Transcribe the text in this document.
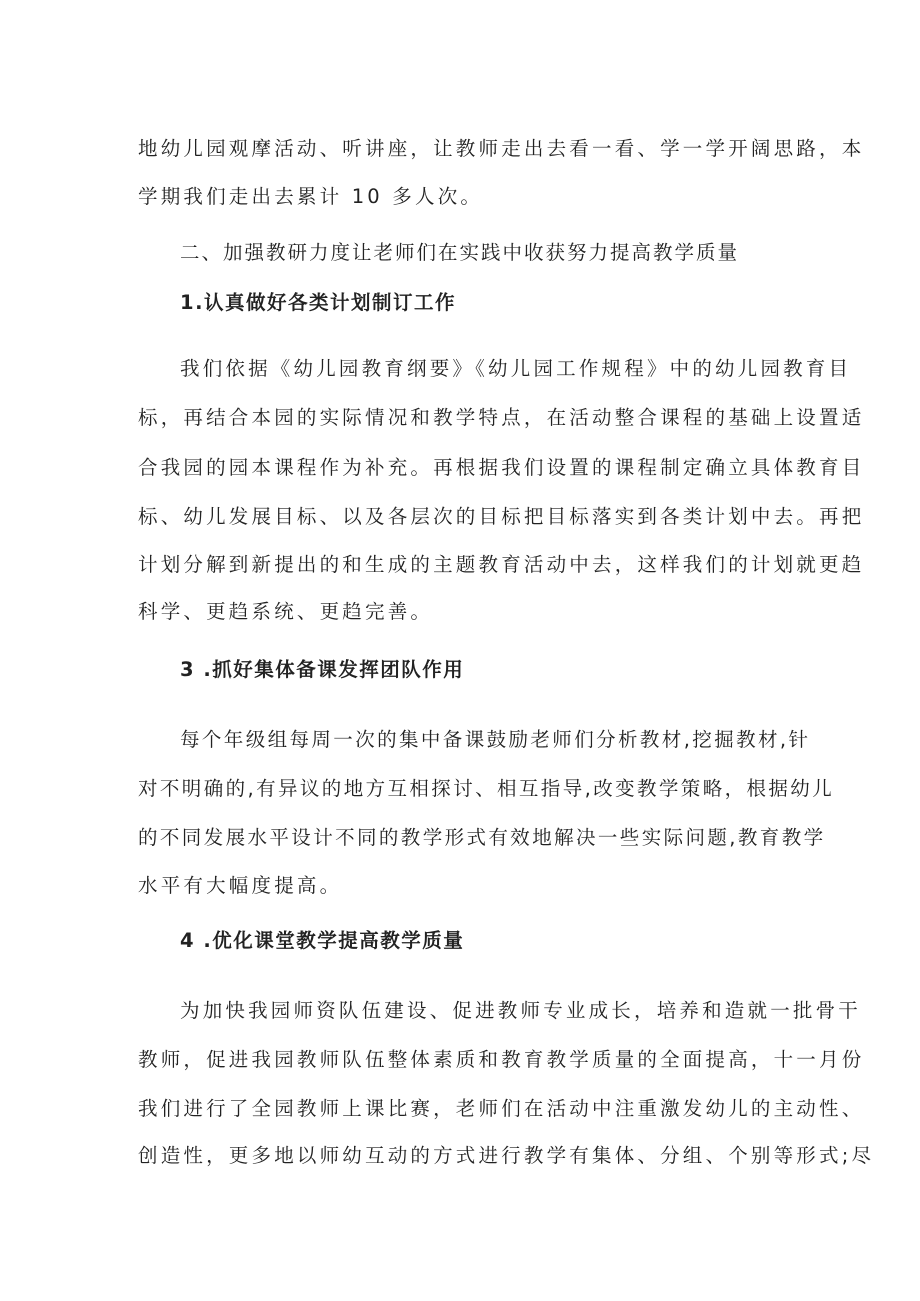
地幼儿园观摩活动、听讲座，让教师走出去看一看、学一学开阔思路，本
学期我们走出去累计 10 多人次。
二、加强教研力度让老师们在实践中收获努力提高教学质量
1.认真做好各类计划制订工作
我们依据《幼儿园教育纲要》《幼儿园工作规程》中的幼儿园教育目
标，再结合本园的实际情况和教学特点，在活动整合课程的基础上设置适
合我园的园本课程作为补充。再根据我们设置的课程制定确立具体教育目
标、幼儿发展目标、以及各层次的目标把目标落实到各类计划中去。再把
计划分解到新提出的和生成的主题教育活动中去，这样我们的计划就更趋
科学、更趋系统、更趋完善。
3 .抓好集体备课发挥团队作用
每个年级组每周一次的集中备课鼓励老师们分析教材,挖掘教材,针
对不明确的,有异议的地方互相探讨、相互指导,改变教学策略，根据幼儿
的不同发展水平设计不同的教学形式有效地解决一些实际问题,教育教学
水平有大幅度提高。
4 .优化课堂教学提高教学质量
为加快我园师资队伍建设、促进教师专业成长，培养和造就一批骨干
教师，促进我园教师队伍整体素质和教育教学质量的全面提高，十一月份
我们进行了全园教师上课比赛，老师们在活动中注重激发幼儿的主动性、
创造性，更多地以师幼互动的方式进行教学有集体、分组、个别等形式;尽
